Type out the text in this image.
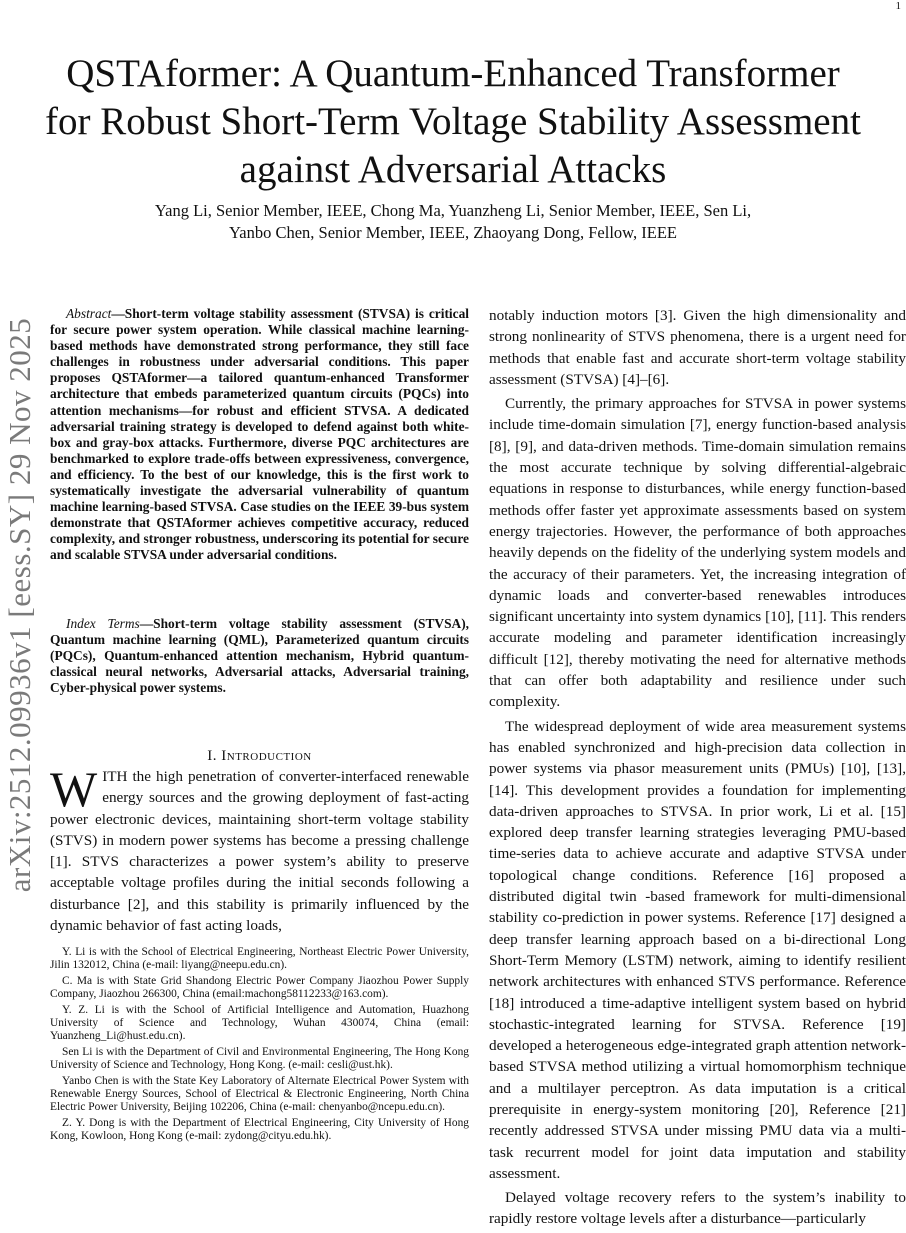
1
QSTAformer: A Quantum-Enhanced Transformer
for Robust Short-Term Voltage Stability Assessment
against Adversarial Attacks
Yang Li, Senior Member, IEEE, Chong Ma, Yuanzheng Li, Senior Member, IEEE, Sen Li,
Yanbo Chen, Senior Member, IEEE, Zhaoyang Dong, Fellow, IEEE
arXiv:2512.09936v1 [eess.SY] 29 Nov 2025

Abstract—Short-term voltage stability assessment (STVSA) is critical for secure power system operation. While classical machine learning-based methods have demonstrated strong performance, they still face challenges in robustness under adversarial conditions. This paper proposes QSTAformer—a tailored quantum-enhanced Transformer architecture that embeds parameterized quantum circuits (PQCs) into attention mechanisms—for robust and efficient STVSA. A dedicated adversarial training strategy is developed to defend against both white-box and gray-box attacks. Furthermore, diverse PQC architectures are benchmarked to explore trade-offs between expressiveness, convergence, and efficiency. To the best of our knowledge, this is the first work to systematically investigate the adversarial vulnerability of quantum machine learning-based STVSA. Case studies on the IEEE 39-bus system demonstrate that QSTAformer achieves competitive accuracy, reduced complexity, and stronger robustness, underscoring its potential for secure and scalable STVSA under adversarial conditions.

Index Terms—Short-term voltage stability assessment (STVSA), Quantum machine learning (QML), Parameterized quantum circuits (PQCs), Quantum-enhanced attention mechanism, Hybrid quantum-classical neural networks, Adversarial attacks, Adversarial training, Cyber-physical power systems.

I. Introduction
W ITH the high penetration of converter-interfaced renewable energy sources and the growing deployment of fast-acting power electronic devices, maintaining short-term voltage stability (STVS) in modern power systems has become a pressing challenge [1]. STVS characterizes a power system’s ability to preserve acceptable voltage profiles during the initial seconds following a disturbance [2], and this stability is primarily influenced by the dynamic behavior of fast acting loads,

Y. Li is with the School of Electrical Engineering, Northeast Electric Power University, Jilin 132012, China (e-mail: liyang@neepu.edu.cn).

C. Ma is with State Grid Shandong Electric Power Company Jiaozhou Power Supply Company, Jiaozhou 266300, China (email:machong58112233@163.com).

Y. Z. Li is with the School of Artificial Intelligence and Automation, Huazhong University of Science and Technology, Wuhan 430074, China (email: Yuanzheng_Li@hust.edu.cn).

Sen Li is with the Department of Civil and Environmental Engineering, The Hong Kong University of Science and Technology, Hong Kong. (e-mail: cesli@ust.hk).

Yanbo Chen is with the State Key Laboratory of Alternate Electrical Power System with Renewable Energy Sources, School of Electrical & Electronic Engineering, North China Electric Power University, Beijing 102206, China (e-mail: chenyanbo@ncepu.edu.cn).

Z. Y. Dong is with the Department of Electrical Engineering, City University of Hong Kong, Kowloon, Hong Kong (e-mail: zydong@cityu.edu.hk).

notably induction motors [3]. Given the high dimensionality and strong nonlinearity of STVS phenomena, there is a urgent need for methods that enable fast and accurate short-term voltage stability assessment (STVSA) [4]–[6].

Currently, the primary approaches for STVSA in power systems include time-domain simulation [7], energy function-based analysis [8], [9], and data-driven methods. Time-domain simulation remains the most accurate technique by solving differential-algebraic equations in response to disturbances, while energy function-based methods offer faster yet approximate assessments based on system energy trajectories. However, the performance of both approaches heavily depends on the fidelity of the underlying system models and the accuracy of their parameters. Yet, the increasing integration of dynamic loads and converter-based renewables introduces significant uncertainty into system dynamics [10], [11]. This renders accurate modeling and parameter identification increasingly difficult [12], thereby motivating the need for alternative methods that can offer both adaptability and resilience under such complexity.

The widespread deployment of wide area measurement systems has enabled synchronized and high-precision data collection in power systems via phasor measurement units (PMUs) [10], [13], [14]. This development provides a foundation for implementing data-driven approaches to STVSA. In prior work, Li et al. [15] explored deep transfer learning strategies leveraging PMU-based time-series data to achieve accurate and adaptive STVSA under topological change conditions. Reference [16] proposed a distributed digital twin -based framework for multi-dimensional stability co-prediction in power systems. Reference [17] designed a deep transfer learning approach based on a bi-directional Long Short-Term Memory (LSTM) network, aiming to identify resilient network architectures with enhanced STVS performance. Reference [18] introduced a time-adaptive intelligent system based on hybrid stochastic-integrated learning for STVSA. Reference [19] developed a heterogeneous edge-integrated graph attention network-based STVSA method utilizing a virtual homomorphism technique and a multilayer perceptron. As data imputation is a critical prerequisite in energy-system monitoring [20], Reference [21] recently addressed STVSA under missing PMU data via a multi-task recurrent model for joint data imputation and stability assessment.

Delayed voltage recovery refers to the system’s inability to rapidly restore voltage levels after a disturbance—particularly
